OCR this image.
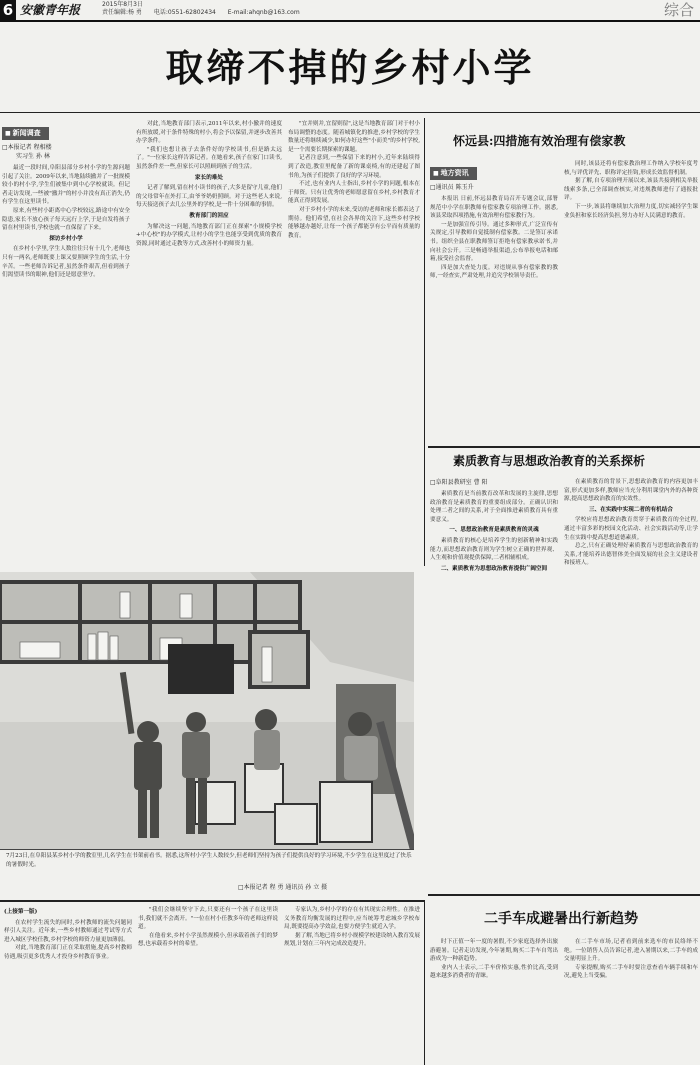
6 安徽青年报	2015年8月3日
责任编辑:杨 勇 电话:0551-62802434 E-mail:ahqnb@163.com	综合
取缔不掉的乡村小学
■ 新闻调查
□本报记者 程相楼
实习生 孙 林

最近一段时间,阜阳县部分乡村小学的生源问题引起了关注。2009年以来,当地陆续撤并了一批规模较小的村小学,学生们被集中到中心学校就读。但记者走访发现,一些被"撤并"的村小并没有真正消失,仍有学生在这里读书。

原来,有些村小距离中心学校较远,路途中有安全隐患,家长不放心孩子每天远行上学,于是自发将孩子留在村里读书,学校也就一直保留了下来。

探访乡村小学

在乡村小学里,学生人数往往只有十几个,老师也只有一两名,老师既要上课又要照顾学生的生活,十分辛苦。一些老师告诉记者,虽然条件艰苦,但看到孩子们渴望读书的眼神,他们还是愿意坚守。

对此,当地教育部门表示,2011年以来,村小撤并的速度有所放缓,对于条件特殊的村小,将会予以保留,并逐步改善其办学条件。

"我们也想让孩子去条件好的学校读书,但是路太远了。"一位家长这样告诉记者。在她看来,孩子在家门口读书,虽然条件差一些,但家长可以照顾到孩子的生活。

家长的难处

记者了解到,留在村小读书的孩子,大多是留守儿童,他们的父母常年在外打工,由爷爷奶奶照顾。对于这些老人来说,每天接送孩子去几公里外的学校,是一件十分困难的事情。

教育部门的回应

为解决这一问题,当地教育部门正在探索"小规模学校+中心校"的办学模式,让村小的学生也能享受到优质的教育资源,同时通过走教等方式,改善村小的师资力量。

"宜并则并,宜留则留",这是当地教育部门对于村小布局调整的态度。随着城镇化的推进,乡村学校的学生数量还将继续减少,如何办好这些"小而美"的乡村学校,是一个需要长期探索的课题。

记者注意到,一些保留下来的村小,近年来陆续得到了改造,教室里配备了新的课桌椅,有的还建起了图书角,为孩子们提供了良好的学习环境。

不过,也有业内人士指出,乡村小学的问题,根本在于师资。只有让优秀的老师愿意留在乡村,乡村教育才能真正得到发展。

对于乡村小学的未来,受访的老师和家长都表达了期待。他们希望,在社会各界的关注下,这些乡村学校能够越办越好,让每一个孩子都能享有公平而有质量的教育。

怀远县:四措施有效治理有偿家教
■ 地方资讯
□通讯员 陈玉升

本报讯 日前,怀远县教育局召开专题会议,部署规范中小学在职教师有偿家教专项治理工作。据悉,该县采取四项措施,有效治理有偿家教行为。

一是加强宣传引导。通过多种形式,广泛宣传有关规定,引导教师自觉抵制有偿家教。二是签订承诺书。组织全县在职教师签订拒绝有偿家教承诺书,并向社会公开。三是畅通举报渠道,公布举报电话和邮箱,接受社会监督。

四是加大查处力度。对违规从事有偿家教的教师,一经查实,严肃处理,并追究学校领导责任。

同时,该县还将有偿家教治理工作纳入学校年度考核,与评优评先、职称评定挂钩,形成长效监督机制。

据了解,自专项治理开展以来,该县共接到相关举报线索多条,已全部调查核实,对违规教师进行了通报批评。

下一步,该县将继续加大治理力度,切实减轻学生课业负担和家长经济负担,努力办好人民满意的教育。

素质教育与思想政治教育的关系探析
□阜阳县教研室 曹 阳

素质教育是当前教育改革和发展的主旋律,思想政治教育是素质教育的重要组成部分。正确认识和处理二者之间的关系,对于全面推进素质教育具有重要意义。

一、思想政治教育是素质教育的灵魂

素质教育的核心是培养学生的创新精神和实践能力,而思想政治教育则为学生树立正确的世界观、人生观和价值观提供保障,二者相辅相成。

二、素质教育为思想政治教育提供广阔空间

在素质教育的背景下,思想政治教育的内容更加丰富,形式更加多样,教师应当充分利用课堂内外的各种资源,提高思想政治教育的实效性。

三、在实践中实现二者的有机结合

学校应将思想政治教育贯穿于素质教育的全过程,通过丰富多彩的校园文化活动、社会实践活动等,让学生在实践中提高思想道德素质。

总之,只有正确处理好素质教育与思想政治教育的关系,才能培养出德智体美全面发展的社会主义建设者和接班人。

7月23日,在阜阳县某乡村小学的教室里,几名学生在书架前看书。据悉,这所村小学生人数较少,但老师们坚持为孩子们提供良好的学习环境,不少学生在这里度过了快乐的暑假时光。
□本报记者 程 勇 通讯员 孙 立 摄

(上接第一版)

在农村学生流失的同时,乡村教师的流失问题同样引人关注。近年来,一些乡村教师通过考试等方式进入城区学校任教,乡村学校的师资力量更加薄弱。

对此,当地教育部门正在采取措施,提高乡村教师待遇,吸引更多优秀人才投身乡村教育事业。

"我们会继续坚守下去,只要还有一个孩子在这里读书,我们就不会离开。"一位在村小任教多年的老师这样说道。

在他看来,乡村小学虽然规模小,但承载着孩子们的梦想,也承载着乡村的希望。

专家认为,乡村小学的存在有其现实合理性。在推进义务教育均衡发展的过程中,应当统筹考虑城乡学校布局,既要提高办学效益,也要方便学生就近入学。

据了解,当地已将乡村小规模学校建设纳入教育发展规划,计划在三年内完成改造提升。

二手车成避暑出行新趋势

时下正值一年一度的暑假,不少家庭选择外出旅游避暑。记者走访发现,今年暑期,购买二手车自驾出游成为一种新趋势。

业内人士表示,二手车价格实惠,性价比高,受到越来越多消费者的青睐。

在二手车市场,记者看到前来选车的市民络绎不绝。一位销售人员告诉记者,进入暑期以来,二手车的成交量明显上升。

专家提醒,购买二手车时要注意查看车辆手续和车况,避免上当受骗。
